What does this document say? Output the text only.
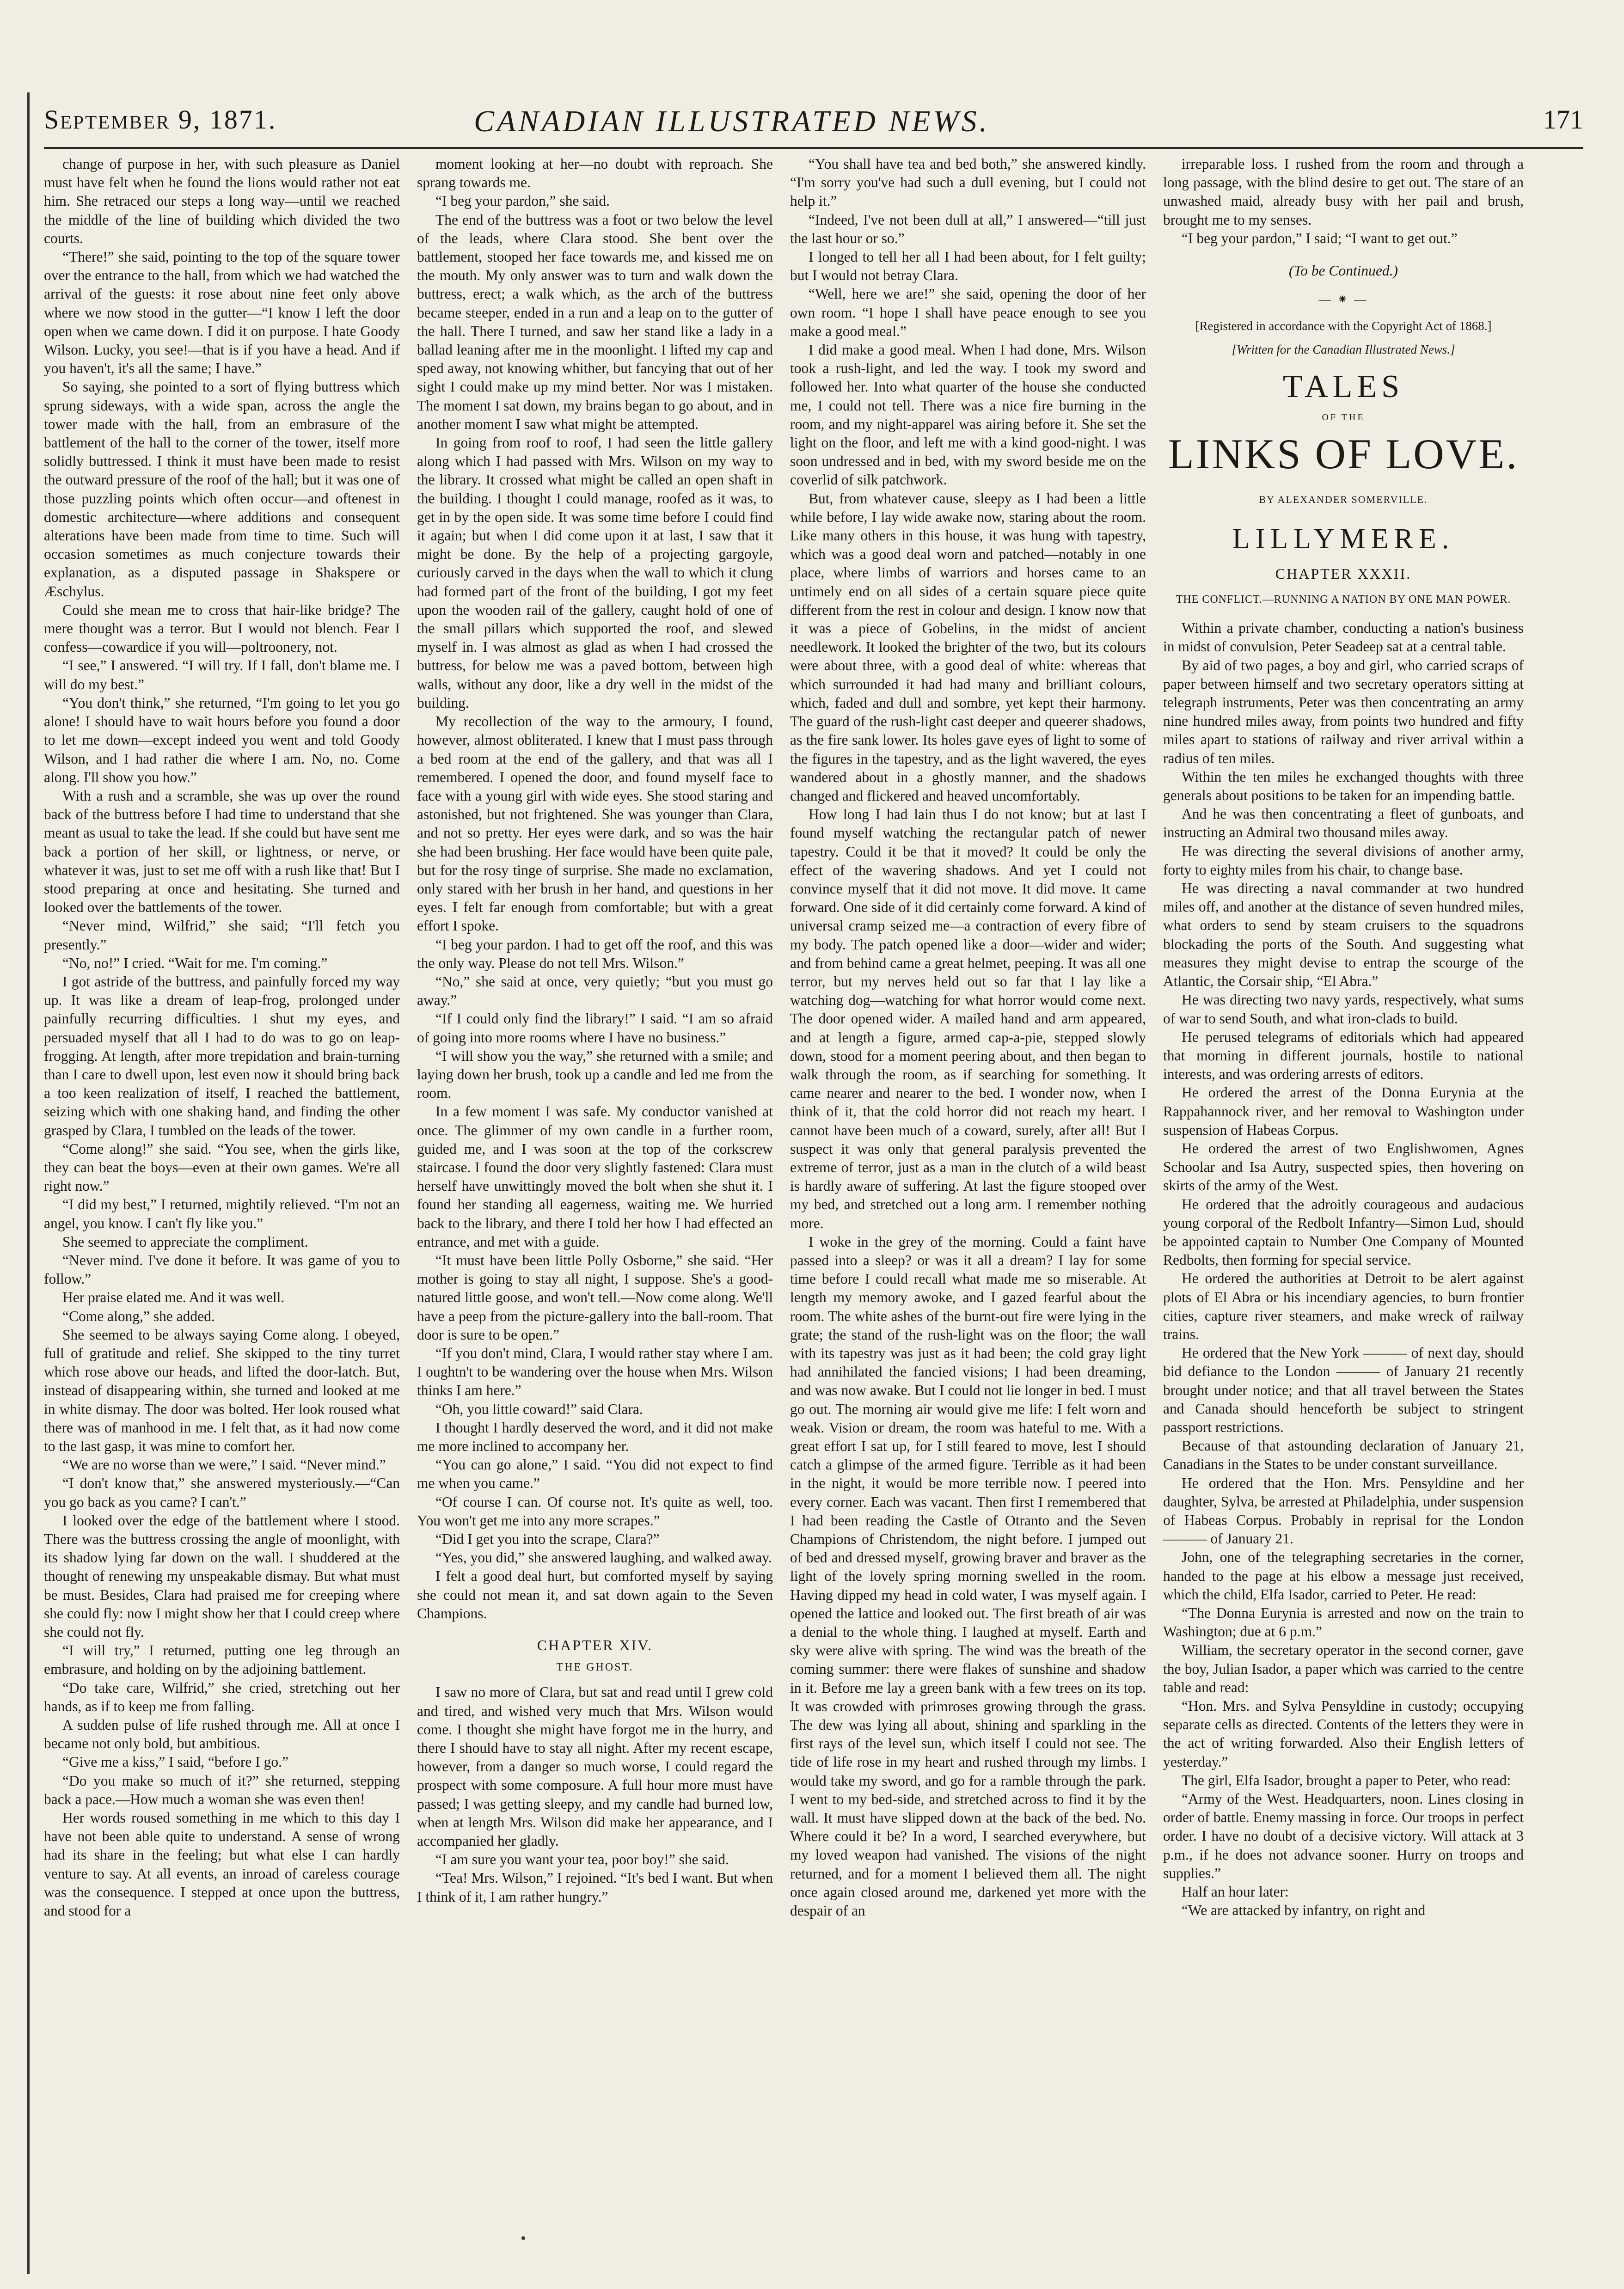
September 9, 1871.	CANADIAN ILLUSTRATED NEWS.	171

change of purpose in her, with such pleasure as Daniel must have felt when he found the lions would rather not eat him. She retraced our steps a long way—until we reached the middle of the line of building which divided the two courts.

“There!” she said, pointing to the top of the square tower over the entrance to the hall, from which we had watched the arrival of the guests: it rose about nine feet only above where we now stood in the gutter—“I know I left the door open when we came down. I did it on purpose. I hate Goody Wilson. Lucky, you see!—that is if you have a head. And if you haven't, it's all the same; I have.”

So saying, she pointed to a sort of flying buttress which sprung sideways, with a wide span, across the angle the tower made with the hall, from an embrasure of the battlement of the hall to the corner of the tower, itself more solidly buttressed. I think it must have been made to resist the outward pressure of the roof of the hall; but it was one of those puzzling points which often occur—and oftenest in domestic architecture—where additions and consequent alterations have been made from time to time. Such will occasion sometimes as much conjecture towards their explanation, as a disputed passage in Shakspere or Æschylus.

Could she mean me to cross that hair-like bridge? The mere thought was a terror. But I would not blench. Fear I confess—cowardice if you will—poltroonery, not.

“I see,” I answered. “I will try. If I fall, don't blame me. I will do my best.”

“You don't think,” she returned, “I'm going to let you go alone! I should have to wait hours before you found a door to let me down—except indeed you went and told Goody Wilson, and I had rather die where I am. No, no. Come along. I'll show you how.”

With a rush and a scramble, she was up over the round back of the buttress before I had time to understand that she meant as usual to take the lead. If she could but have sent me back a portion of her skill, or lightness, or nerve, or whatever it was, just to set me off with a rush like that! But I stood preparing at once and hesitating. She turned and looked over the battlements of the tower.

“Never mind, Wilfrid,” she said; “I'll fetch you presently.”

“No, no!” I cried. “Wait for me. I'm coming.”

I got astride of the buttress, and painfully forced my way up. It was like a dream of leap-frog, prolonged under painfully recurring difficulties. I shut my eyes, and persuaded myself that all I had to do was to go on leap-frogging. At length, after more trepidation and brain-turning than I care to dwell upon, lest even now it should bring back a too keen realization of itself, I reached the battlement, seizing which with one shaking hand, and finding the other grasped by Clara, I tumbled on the leads of the tower.

“Come along!” she said. “You see, when the girls like, they can beat the boys—even at their own games. We're all right now.”

“I did my best,” I returned, mightily relieved. “I'm not an angel, you know. I can't fly like you.”

She seemed to appreciate the compliment.

“Never mind. I've done it before. It was game of you to follow.”

Her praise elated me. And it was well.

“Come along,” she added.

She seemed to be always saying Come along. I obeyed, full of gratitude and relief. She skipped to the tiny turret which rose above our heads, and lifted the door-latch. But, instead of disappearing within, she turned and looked at me in white dismay. The door was bolted. Her look roused what there was of manhood in me. I felt that, as it had now come to the last gasp, it was mine to comfort her.

“We are no worse than we were,” I said. “Never mind.”

“I don't know that,” she answered mysteriously.—“Can you go back as you came? I can't.”

I looked over the edge of the battlement where I stood. There was the buttress crossing the angle of moonlight, with its shadow lying far down on the wall. I shuddered at the thought of renewing my unspeakable dismay. But what must be must. Besides, Clara had praised me for creeping where she could fly: now I might show her that I could creep where she could not fly.

“I will try,” I returned, putting one leg through an embrasure, and holding on by the adjoining battlement.

“Do take care, Wilfrid,” she cried, stretching out her hands, as if to keep me from falling.

A sudden pulse of life rushed through me. All at once I became not only bold, but ambitious.

“Give me a kiss,” I said, “before I go.”

“Do you make so much of it?” she returned, stepping back a pace.—How much a woman she was even then!

Her words roused something in me which to this day I have not been able quite to understand. A sense of wrong had its share in the feeling; but what else I can hardly venture to say. At all events, an inroad of careless courage was the consequence. I stepped at once upon the buttress, and stood for a

moment looking at her—no doubt with reproach. She sprang towards me.

“I beg your pardon,” she said.

The end of the buttress was a foot or two below the level of the leads, where Clara stood. She bent over the battlement, stooped her face towards me, and kissed me on the mouth. My only answer was to turn and walk down the buttress, erect; a walk which, as the arch of the buttress became steeper, ended in a run and a leap on to the gutter of the hall. There I turned, and saw her stand like a lady in a ballad leaning after me in the moonlight. I lifted my cap and sped away, not knowing whither, but fancying that out of her sight I could make up my mind better. Nor was I mistaken. The moment I sat down, my brains began to go about, and in another moment I saw what might be attempted.

In going from roof to roof, I had seen the little gallery along which I had passed with Mrs. Wilson on my way to the library. It crossed what might be called an open shaft in the building. I thought I could manage, roofed as it was, to get in by the open side. It was some time before I could find it again; but when I did come upon it at last, I saw that it might be done. By the help of a projecting gargoyle, curiously carved in the days when the wall to which it clung had formed part of the front of the building, I got my feet upon the wooden rail of the gallery, caught hold of one of the small pillars which supported the roof, and slewed myself in. I was almost as glad as when I had crossed the buttress, for below me was a paved bottom, between high walls, without any door, like a dry well in the midst of the building.

My recollection of the way to the armoury, I found, however, almost obliterated. I knew that I must pass through a bed room at the end of the gallery, and that was all I remembered. I opened the door, and found myself face to face with a young girl with wide eyes. She stood staring and astonished, but not frightened. She was younger than Clara, and not so pretty. Her eyes were dark, and so was the hair she had been brushing. Her face would have been quite pale, but for the rosy tinge of surprise. She made no exclamation, only stared with her brush in her hand, and questions in her eyes. I felt far enough from comfortable; but with a great effort I spoke.

“I beg your pardon. I had to get off the roof, and this was the only way. Please do not tell Mrs. Wilson.”

“No,” she said at once, very quietly; “but you must go away.”

“If I could only find the library!” I said. “I am so afraid of going into more rooms where I have no business.”

“I will show you the way,” she returned with a smile; and laying down her brush, took up a candle and led me from the room.

In a few moment I was safe. My conductor vanished at once. The glimmer of my own candle in a further room, guided me, and I was soon at the top of the corkscrew staircase. I found the door very slightly fastened: Clara must herself have unwittingly moved the bolt when she shut it. I found her standing all eagerness, waiting me. We hurried back to the library, and there I told her how I had effected an entrance, and met with a guide.

“It must have been little Polly Osborne,” she said. “Her mother is going to stay all night, I suppose. She's a good-natured little goose, and won't tell.—Now come along. We'll have a peep from the picture-gallery into the ball-room. That door is sure to be open.”

“If you don't mind, Clara, I would rather stay where I am. I oughtn't to be wandering over the house when Mrs. Wilson thinks I am here.”

“Oh, you little coward!” said Clara.

I thought I hardly deserved the word, and it did not make me more inclined to accompany her.

“You can go alone,” I said. “You did not expect to find me when you came.”

“Of course I can. Of course not. It's quite as well, too. You won't get me into any more scrapes.”

“Did I get you into the scrape, Clara?”

“Yes, you did,” she answered laughing, and walked away.

I felt a good deal hurt, but comforted myself by saying she could not mean it, and sat down again to the Seven Champions.

CHAPTER XIV.
THE GHOST.

I saw no more of Clara, but sat and read until I grew cold and tired, and wished very much that Mrs. Wilson would come. I thought she might have forgot me in the hurry, and there I should have to stay all night. After my recent escape, however, from a danger so much worse, I could regard the prospect with some composure. A full hour more must have passed; I was getting sleepy, and my candle had burned low, when at length Mrs. Wilson did make her appearance, and I accompanied her gladly.

“I am sure you want your tea, poor boy!” she said.

“Tea! Mrs. Wilson,” I rejoined. “It's bed I want. But when I think of it, I am rather hungry.”

“You shall have tea and bed both,” she answered kindly. “I'm sorry you've had such a dull evening, but I could not help it.”

“Indeed, I've not been dull at all,” I answered—“till just the last hour or so.”

I longed to tell her all I had been about, for I felt guilty; but I would not betray Clara.

“Well, here we are!” she said, opening the door of her own room. “I hope I shall have peace enough to see you make a good meal.”

I did make a good meal. When I had done, Mrs. Wilson took a rush-light, and led the way. I took my sword and followed her. Into what quarter of the house she conducted me, I could not tell. There was a nice fire burning in the room, and my night-apparel was airing before it. She set the light on the floor, and left me with a kind good-night. I was soon undressed and in bed, with my sword beside me on the coverlid of silk patchwork.

But, from whatever cause, sleepy as I had been a little while before, I lay wide awake now, staring about the room. Like many others in this house, it was hung with tapestry, which was a good deal worn and patched—notably in one place, where limbs of warriors and horses came to an untimely end on all sides of a certain square piece quite different from the rest in colour and design. I know now that it was a piece of Gobelins, in the midst of ancient needlework. It looked the brighter of the two, but its colours were about three, with a good deal of white: whereas that which surrounded it had had many and brilliant colours, which, faded and dull and sombre, yet kept their harmony. The guard of the rush-light cast deeper and queerer shadows, as the fire sank lower. Its holes gave eyes of light to some of the figures in the tapestry, and as the light wavered, the eyes wandered about in a ghostly manner, and the shadows changed and flickered and heaved uncomfortably.

How long I had lain thus I do not know; but at last I found myself watching the rectangular patch of newer tapestry. Could it be that it moved? It could be only the effect of the wavering shadows. And yet I could not convince myself that it did not move. It did move. It came forward. One side of it did certainly come forward. A kind of universal cramp seized me—a contraction of every fibre of my body. The patch opened like a door—wider and wider; and from behind came a great helmet, peeping. It was all one terror, but my nerves held out so far that I lay like a watching dog—watching for what horror would come next. The door opened wider. A mailed hand and arm appeared, and at length a figure, armed cap-a-pie, stepped slowly down, stood for a moment peering about, and then began to walk through the room, as if searching for something. It came nearer and nearer to the bed. I wonder now, when I think of it, that the cold horror did not reach my heart. I cannot have been much of a coward, surely, after all! But I suspect it was only that general paralysis prevented the extreme of terror, just as a man in the clutch of a wild beast is hardly aware of suffering. At last the figure stooped over my bed, and stretched out a long arm. I remember nothing more.

I woke in the grey of the morning. Could a faint have passed into a sleep? or was it all a dream? I lay for some time before I could recall what made me so miserable. At length my memory awoke, and I gazed fearful about the room. The white ashes of the burnt-out fire were lying in the grate; the stand of the rush-light was on the floor; the wall with its tapestry was just as it had been; the cold gray light had annihilated the fancied visions; I had been dreaming, and was now awake. But I could not lie longer in bed. I must go out. The morning air would give me life: I felt worn and weak. Vision or dream, the room was hateful to me. With a great effort I sat up, for I still feared to move, lest I should catch a glimpse of the armed figure. Terrible as it had been in the night, it would be more terrible now. I peered into every corner. Each was vacant. Then first I remembered that I had been reading the Castle of Otranto and the Seven Champions of Christendom, the night before. I jumped out of bed and dressed myself, growing braver and braver as the light of the lovely spring morning swelled in the room. Having dipped my head in cold water, I was myself again. I opened the lattice and looked out. The first breath of air was a denial to the whole thing. I laughed at myself. Earth and sky were alive with spring. The wind was the breath of the coming summer: there were flakes of sunshine and shadow in it. Before me lay a green bank with a few trees on its top. It was crowded with primroses growing through the grass. The dew was lying all about, shining and sparkling in the first rays of the level sun, which itself I could not see. The tide of life rose in my heart and rushed through my limbs. I would take my sword, and go for a ramble through the park. I went to my bed-side, and stretched across to find it by the wall. It must have slipped down at the back of the bed. No. Where could it be? In a word, I searched everywhere, but my loved weapon had vanished. The visions of the night returned, and for a moment I believed them all. The night once again closed around me, darkened yet more with the despair of an

irreparable loss. I rushed from the room and through a long passage, with the blind desire to get out. The stare of an unwashed maid, already busy with her pail and brush, brought me to my senses.

“I beg your pardon,” I said; “I want to get out.”

(To be Continued.)
— ⁕ —
[Registered in accordance with the Copyright Act of 1868.]
[Written for the Canadian Illustrated News.]
TALES
OF THE
LINKS OF LOVE.
BY ALEXANDER SOMERVILLE.
LILLYMERE.
CHAPTER XXXII.
THE CONFLICT.—RUNNING A NATION BY ONE MAN POWER.

Within a private chamber, conducting a nation's business in midst of convulsion, Peter Seadeep sat at a central table.

By aid of two pages, a boy and girl, who carried scraps of paper between himself and two secretary operators sitting at telegraph instruments, Peter was then concentrating an army nine hundred miles away, from points two hundred and fifty miles apart to stations of railway and river arrival within a radius of ten miles.

Within the ten miles he exchanged thoughts with three generals about positions to be taken for an impending battle.

And he was then concentrating a fleet of gunboats, and instructing an Admiral two thousand miles away.

He was directing the several divisions of another army, forty to eighty miles from his chair, to change base.

He was directing a naval commander at two hundred miles off, and another at the distance of seven hundred miles, what orders to send by steam cruisers to the squadrons blockading the ports of the South. And suggesting what measures they might devise to entrap the scourge of the Atlantic, the Corsair ship, “El Abra.”

He was directing two navy yards, respectively, what sums of war to send South, and what iron-clads to build.

He perused telegrams of editorials which had appeared that morning in different journals, hostile to national interests, and was ordering arrests of editors.

He ordered the arrest of the Donna Eurynia at the Rappahannock river, and her removal to Washington under suspension of Habeas Corpus.

He ordered the arrest of two Englishwomen, Agnes Schoolar and Isa Autry, suspected spies, then hovering on skirts of the army of the West.

He ordered that the adroitly courageous and audacious young corporal of the Redbolt Infantry—Simon Lud, should be appointed captain to Number One Company of Mounted Redbolts, then forming for special service.

He ordered the authorities at Detroit to be alert against plots of El Abra or his incendiary agencies, to burn frontier cities, capture river steamers, and make wreck of railway trains.

He ordered that the New York ——— of next day, should bid defiance to the London ——— of January 21 recently brought under notice; and that all travel between the States and Canada should henceforth be subject to stringent passport restrictions.

Because of that astounding declaration of January 21, Canadians in the States to be under constant surveillance.

He ordered that the Hon. Mrs. Pensyldine and her daughter, Sylva, be arrested at Philadelphia, under suspension of Habeas Corpus. Probably in reprisal for the London ——— of January 21.

John, one of the telegraphing secretaries in the corner, handed to the page at his elbow a message just received, which the child, Elfa Isador, carried to Peter. He read:

“The Donna Eurynia is arrested and now on the train to Washington; due at 6 p.m.”

William, the secretary operator in the second corner, gave the boy, Julian Isador, a paper which was carried to the centre table and read:

“Hon. Mrs. and Sylva Pensyldine in custody; occupying separate cells as directed. Contents of the letters they were in the act of writing forwarded. Also their English letters of yesterday.”

The girl, Elfa Isador, brought a paper to Peter, who read:

“Army of the West. Headquarters, noon. Lines closing in order of battle. Enemy massing in force. Our troops in perfect order. I have no doubt of a decisive victory. Will attack at 3 p.m., if he does not advance sooner. Hurry on troops and supplies.”

Half an hour later:

“We are attacked by infantry, on right and
